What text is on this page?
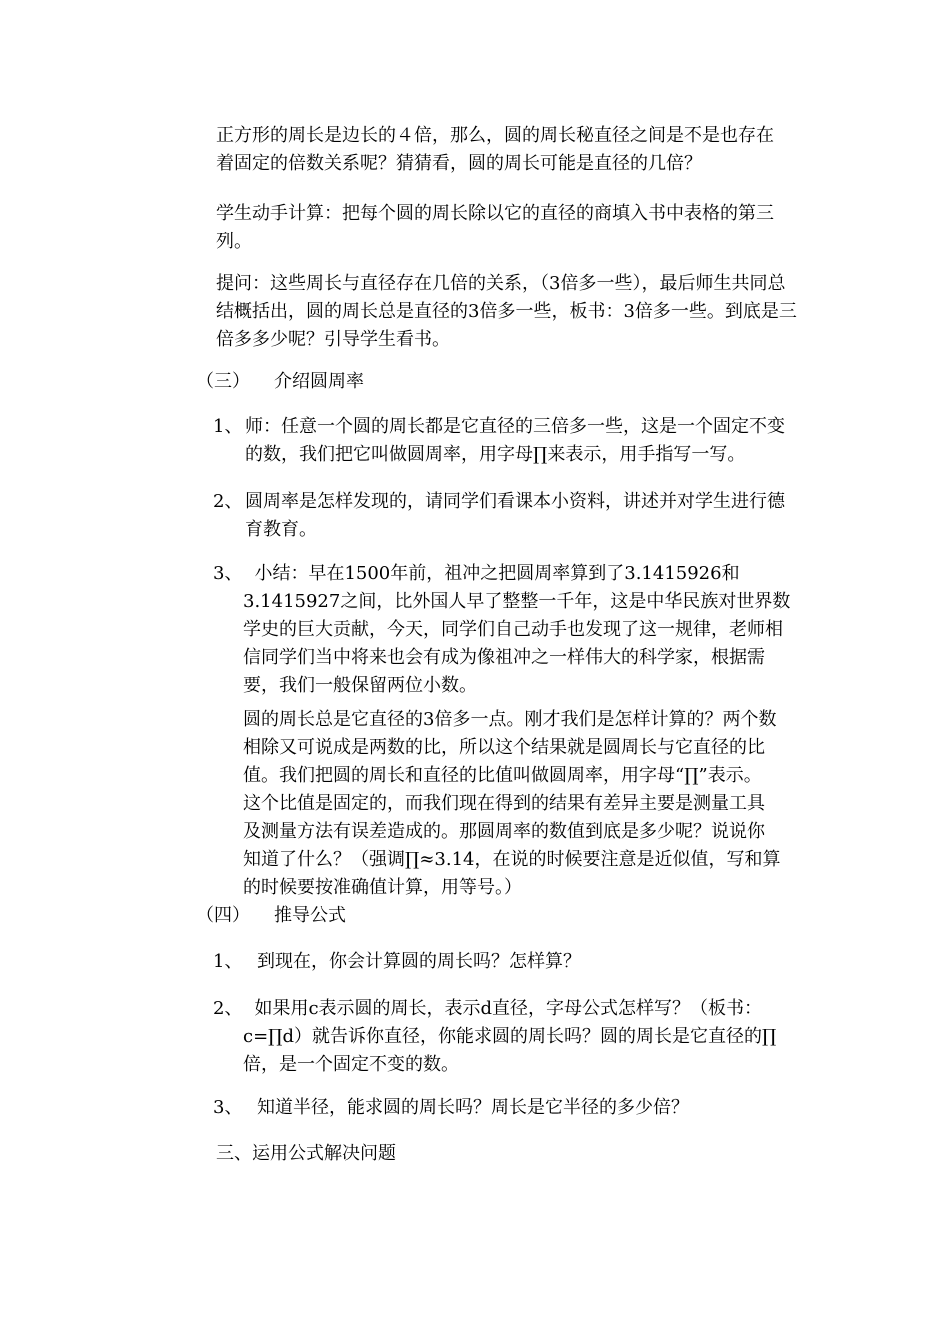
正方形的周长是边长的４倍，那么，圆的周长秘直径之间是不是也存在
着固定的倍数关系呢？猜猜看，圆的周长可能是直径的几倍？

学生动手计算：把每个圆的周长除以它的直径的商填入书中表格的第三
列。

提问：这些周长与直径存在几倍的关系，（3倍多一些），最后师生共同总
结概括出，圆的周长总是直径的3倍多一些，板书：3倍多一些。到底是三
倍多多少呢？引导学生看书。

（三） 介绍圆周率

1、 师：任意一个圆的周长都是它直径的三倍多一些，这是一个固定不变
的数，我们把它叫做圆周率，用字母∏来表示，用手指写一写。

2、 圆周率是怎样发现的，请同学们看课本小资料，讲述并对学生进行德
育教育。

3、 小结：早在1500年前，祖冲之把圆周率算到了3.1415926和
3.1415927之间，比外国人早了整整一千年，这是中华民族对世界数
学史的巨大贡献，今天，同学们自己动手也发现了这一规律，老师相
信同学们当中将来也会有成为像祖冲之一样伟大的科学家，根据需
要，我们一般保留两位小数。

圆的周长总是它直径的3倍多一点。刚才我们是怎样计算的？两个数
相除又可说成是两数的比，所以这个结果就是圆周长与它直径的比
值。我们把圆的周长和直径的比值叫做圆周率，用字母“∏”表示。
这个比值是固定的，而我们现在得到的结果有差异主要是测量工具
及测量方法有误差造成的。那圆周率的数值到底是多少呢？说说你
知道了什么？（强调∏≈3.14，在说的时候要注意是近似值，写和算
的时候要按准确值计算，用等号。）

（四） 推导公式

1、 到现在，你会计算圆的周长吗？怎样算？

2、 如果用c表示圆的周长，表示d直径，字母公式怎样写？（板书：
c=∏d）就告诉你直径，你能求圆的周长吗？圆的周长是它直径的∏
倍，是一个固定不变的数。

3、 知道半径，能求圆的周长吗？周长是它半径的多少倍？

三、运用公式解决问题
